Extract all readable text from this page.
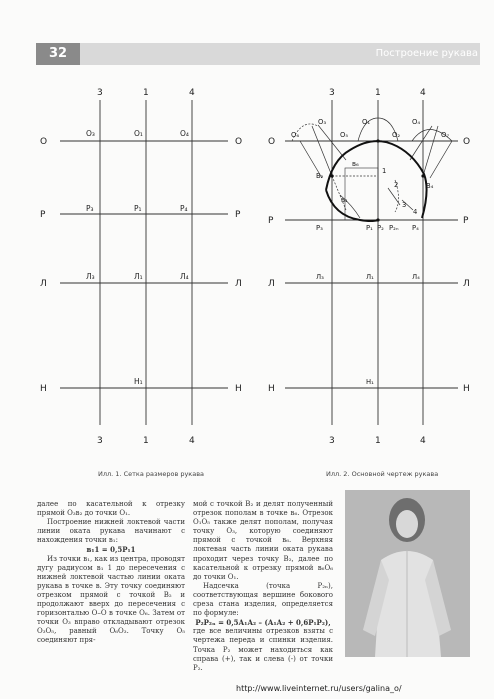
32	Построение рукава
3	1	4
3	1	4
О	О
Р	Р
Л	Л
Н	Н
О₃	О₁	О₄
Р₃	Р₁	Р₄
Л₃	Л₁	Л₄
Н₁
3	1	4
3	1	4
О	О
Р	Р
Л	Л
Н	Н
О₆
О₃
О₅
О₁
О₂
О₄
О₇
В₂
В₄
в₁
в₆
Р₃	Р₁ Р₂ Р₂ₙ Р₄
Л₃	Л₁	Л₄
Н₁
1
2
3
4
Илл. 1. Сетка размеров рукава	Илл. 2. Основной чертеж рукава

далее по касательной к отрезку прямой О₃в₂ до точки О₁.

Построение нижней локтевой части линии оката рукава начинают с нахождения точки в₁:

в₁1 = 0,5Р₁1

Из точки в₁, как из центра, проводят дугу радиусом в₁ 1 до пересечения с нижней локтевой частью линии оката рукава в точке в. Эту точку соединяют отрезком прямой с точкой В₂ и продолжают вверх до пересечения с горизонталью О–О в точке О₆. Затем от точки О₃ вправо откладывают отрезок О₃О₅, равный О₆О₃. Точку О₅ соединяют пря-

мой с точкой В₂ и делят полученный отрезок пополам в точке в₆. Отрезок О₁О₅ также делят пополам, получая точку О₃, которую соединяют прямой с точкой в₆. Верхняя локтевая часть линии оката рукава проходит через точку В₂, далее по касательной к отрезку прямой в₆О₆ до точки О₁.

Надсечка (точка Р₂ₙ), соответствующая вершине бокового среза стана изделия, определяется по формуле:

Р₂Р₂ₙ = 0,5А₁А₂ – (А₁А₂ + 0,6Р₁Р₂),

где все величины отрезков взяты с чертежа переда и спинки изделия. Точка Р₂ может находиться как справа (+), так и слева (-) от точки Р₂.

http://www.liveinternet.ru/users/galina_o/
